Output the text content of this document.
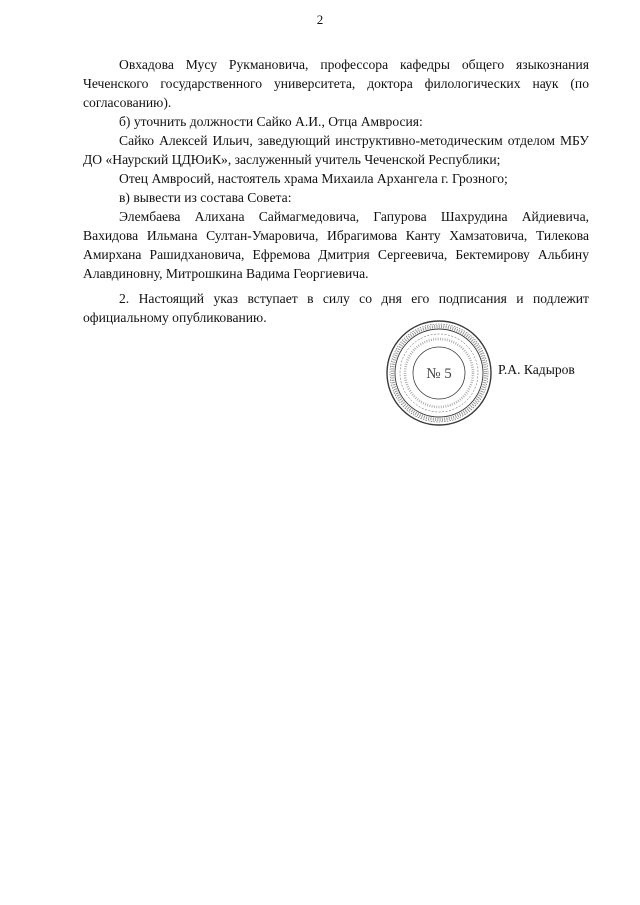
2

Овхадова Мусу Рукмановича, профессора кафедры общего языкознания Чеченского государственного университета, доктора филологических наук (по согласованию).

б) уточнить должности Сайко А.И., Отца Амвросия:

Сайко Алексей Ильич, заведующий инструктивно-методическим отделом МБУ ДО «Наурский ЦДЮиК», заслуженный учитель Чеченской Республики;

Отец Амвросий, настоятель храма Михаила Архангела г. Грозного;

в) вывести из состава Совета:

Элембаева Алихана Саймагмедовича, Гапурова Шахрудина Айдиевича, Вахидова Ильмана Султан-Умаровича, Ибрагимова Канту Хамзатовича, Тилекова Амирхана Рашидхановича, Ефремова Дмитрия Сергеевича, Бектемирову Альбину Алавдиновну, Митрошкина Вадима Георгиевича.

2. Настоящий указ вступает в силу со дня его подписания и подлежит официальному опубликованию.

№ 5	Р.А. Кадыров
